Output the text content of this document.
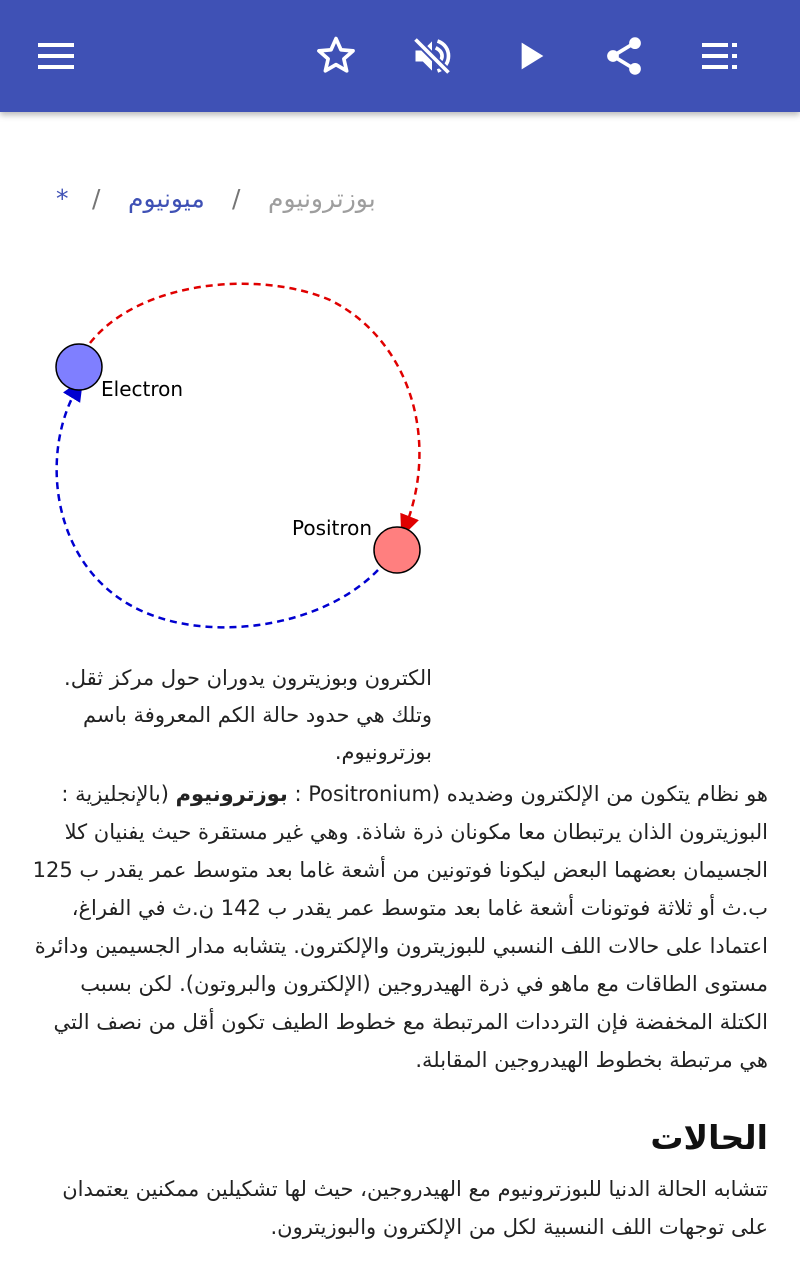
* / ميونيوم / بوزترونيوم
Electron
Positron
الكترون وبوزيترون يدوران حول مركز ثقل.
وتلك هي حدود حالة الكم المعروفة باسم بوزترونيوم.
هو نظام يتكون من الإلكترون وضديده (Positronium : بوزترونيوم (بالإنجليزية : البوزيترون الذان يرتبطان معا مكونان ذرة شاذة. وهي غير مستقرة حيث يفنيان كلا الجسيمان بعضهما البعض ليكونا فوتونين من أشعة غاما بعد متوسط عمر يقدر ب 125 ب.ث أو ثلاثة فوتونات أشعة غاما بعد متوسط عمر يقدر ب 142 ن.ث في الفراغ، اعتمادا على حالات اللف النسبي للبوزيترون والإلكترون. يتشابه مدار الجسيمين ودائرة مستوى الطاقات مع ماهو في ذرة الهيدروجين (الإلكترون والبروتون). لكن بسبب الكتلة المخفضة فإن الترددات المرتبطة مع خطوط الطيف تكون أقل من نصف التي هي مرتبطة بخطوط الهيدروجين المقابلة.
الحالات
تتشابه الحالة الدنيا للبوزترونيوم مع الهيدروجين، حيث لها تشكيلين ممكنين يعتمدان على توجهات اللف النسبية لكل من الإلكترون والبوزيترون.
